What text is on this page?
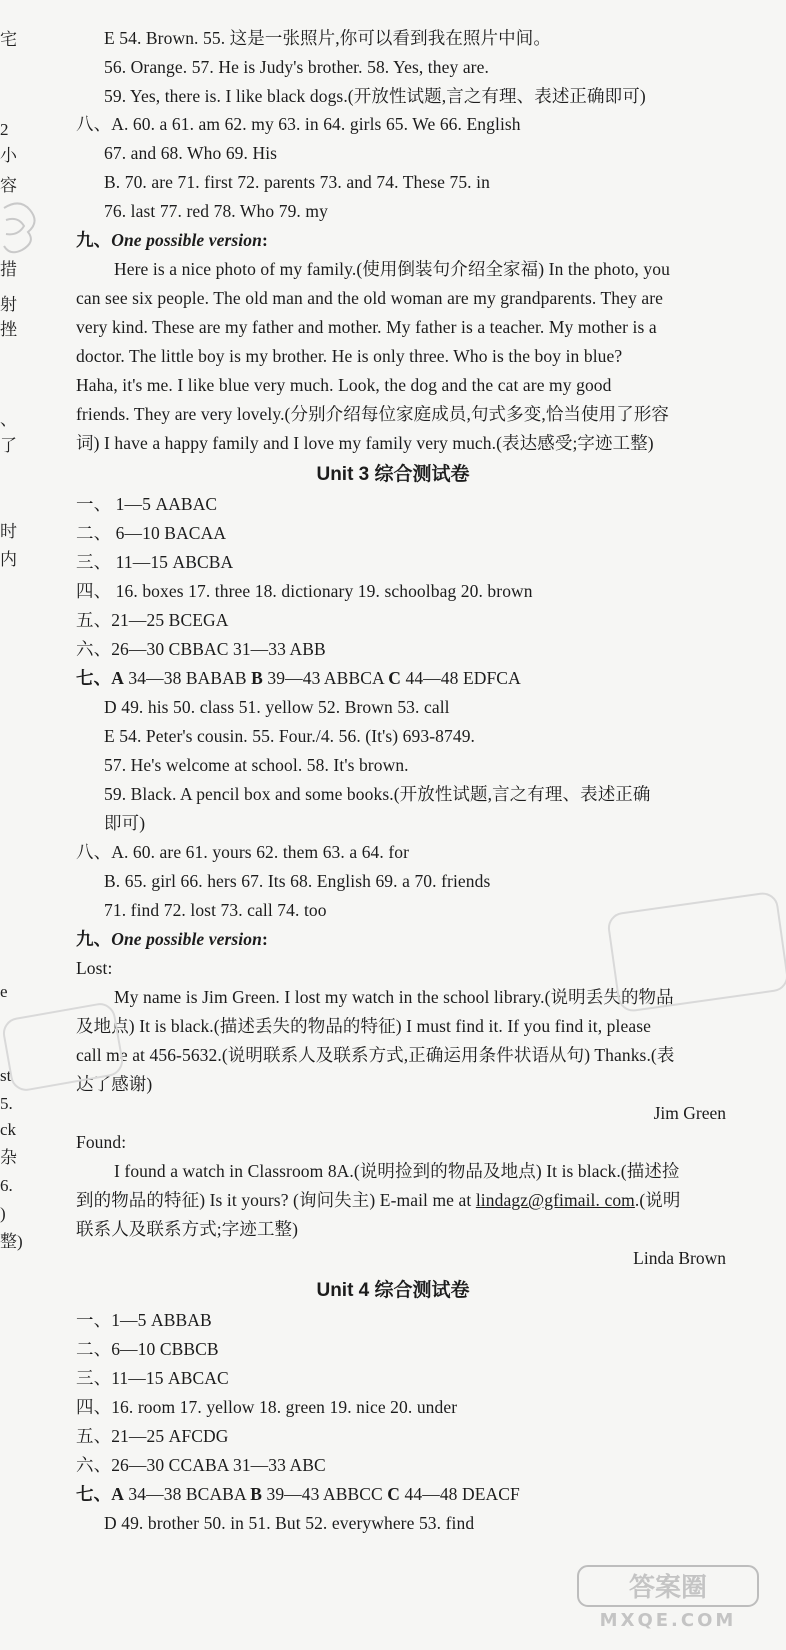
宅
2
小
容
措
射
挫
、
了
时
内
e
st
5.
ck
杂
6.
)
整)
E 54. Brown. 55. 这是一张照片,你可以看到我在照片中间。
56. Orange. 57. He is Judy's brother. 58. Yes, they are.
59. Yes, there is. I like black dogs.(开放性试题,言之有理、表述正确即可)
八、A. 60. a 61. am 62. my 63. in 64. girls 65. We 66. English
67. and 68. Who 69. His
B. 70. are 71. first 72. parents 73. and 74. These 75. in
76. last 77. red 78. Who 79. my
九、One possible version:
Here is a nice photo of my family.(使用倒装句介绍全家福) In the photo, you
can see six people. The old man and the old woman are my grandparents. They are
very kind. These are my father and mother. My father is a teacher. My mother is a
doctor. The little boy is my brother. He is only three. Who is the boy in blue?
Haha, it's me. I like blue very much. Look, the dog and the cat are my good
friends. They are very lovely.(分别介绍每位家庭成员,句式多变,恰当使用了形容
词) I have a happy family and I love my family very much.(表达感受;字迹工整)
Unit 3 综合测试卷
一、 1—5 AABAC
二、 6—10 BACAA
三、 11—15 ABCBA
四、 16. boxes 17. three 18. dictionary 19. schoolbag 20. brown
五、21—25 BCEGA
六、26—30 CBBAC 31—33 ABB
七、A 34—38 BABAB B 39—43 ABBCA C 44—48 EDFCA
D 49. his 50. class 51. yellow 52. Brown 53. call
E 54. Peter's cousin. 55. Four./4. 56. (It's) 693-8749.
57. He's welcome at school. 58. It's brown.
59. Black. A pencil box and some books.(开放性试题,言之有理、表述正确
即可)
八、A. 60. are 61. yours 62. them 63. a 64. for
B. 65. girl 66. hers 67. Its 68. English 69. a 70. friends
71. find 72. lost 73. call 74. too
九、One possible version:
Lost:
My name is Jim Green. I lost my watch in the school library.(说明丢失的物品
及地点) It is black.(描述丢失的物品的特征) I must find it. If you find it, please
call me at 456-5632.(说明联系人及联系方式,正确运用条件状语从句) Thanks.(表
达了感谢)
Jim Green
Found:
I found a watch in Classroom 8A.(说明捡到的物品及地点) It is black.(描述捡
到的物品的特征) Is it yours? (询问失主) E-mail me at lindagz@gfimail. com.(说明
联系人及联系方式;字迹工整)
Linda Brown
Unit 4 综合测试卷
一、1—5 ABBAB
二、6—10 CBBCB
三、11—15 ABCAC
四、16. room 17. yellow 18. green 19. nice 20. under
五、21—25 AFCDG
六、26—30 CCABA 31—33 ABC
七、A 34—38 BCABA B 39—43 ABBCC C 44—48 DEACF
D 49. brother 50. in 51. But 52. everywhere 53. find
答案圈
MXQE.COM
